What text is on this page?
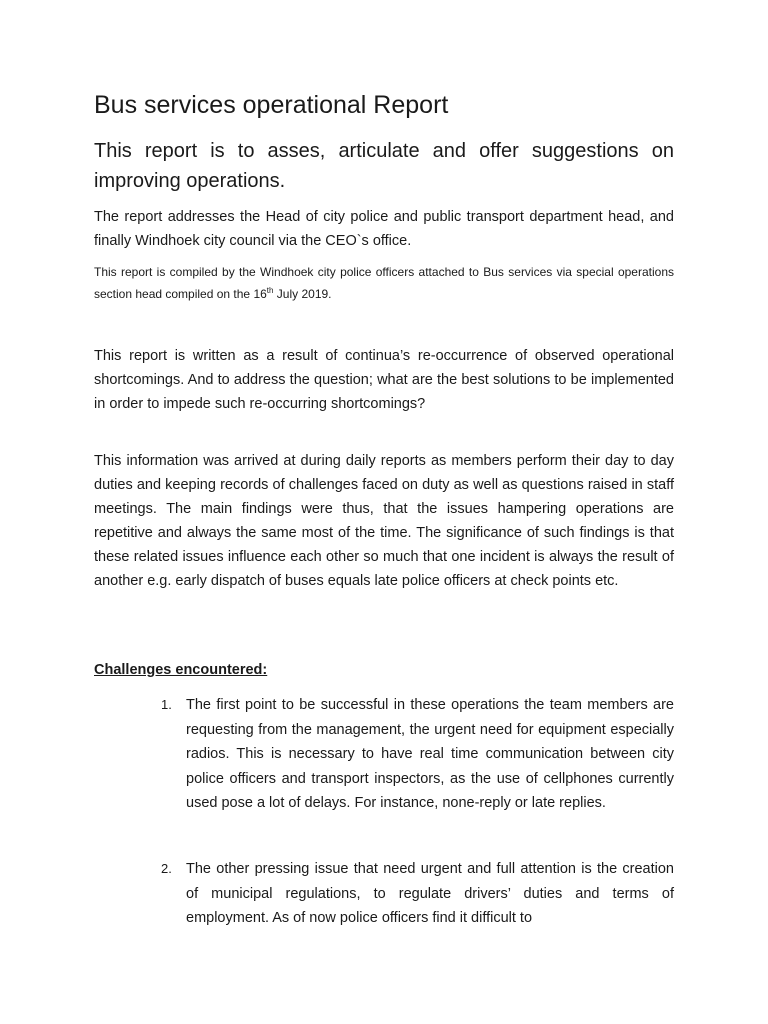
Bus services operational Report

This report is to asses, articulate and offer suggestions on improving operations.

The report addresses the Head of city police and public transport department head, and finally Windhoek city council via the CEO`s office.

This report is compiled by the Windhoek city police officers attached to Bus services via special operations section head compiled on the 16th July 2019.

This report is written as a result of continua’s re-occurrence of observed operational shortcomings. And to address the question; what are the best solutions to be implemented in order to impede such re-occurring shortcomings?

This information was arrived at during daily reports as members perform their day to day duties and keeping records of challenges faced on duty as well as questions raised in staff meetings. The main findings were thus, that the issues hampering operations are repetitive and always the same most of the time. The significance of such findings is that these related issues influence each other so much that one incident is always the result of another e.g. early dispatch of buses equals late police officers at check points etc.

Challenges encountered:
1. The first point to be successful in these operations the team members are requesting from the management, the urgent need for equipment especially radios. This is necessary to have real time communication between city police officers and transport inspectors, as the use of cellphones currently used pose a lot of delays. For instance, none-reply or late replies.
2. The other pressing issue that need urgent and full attention is the creation of municipal regulations, to regulate drivers’ duties and terms of employment. As of now police officers find it difficult to
